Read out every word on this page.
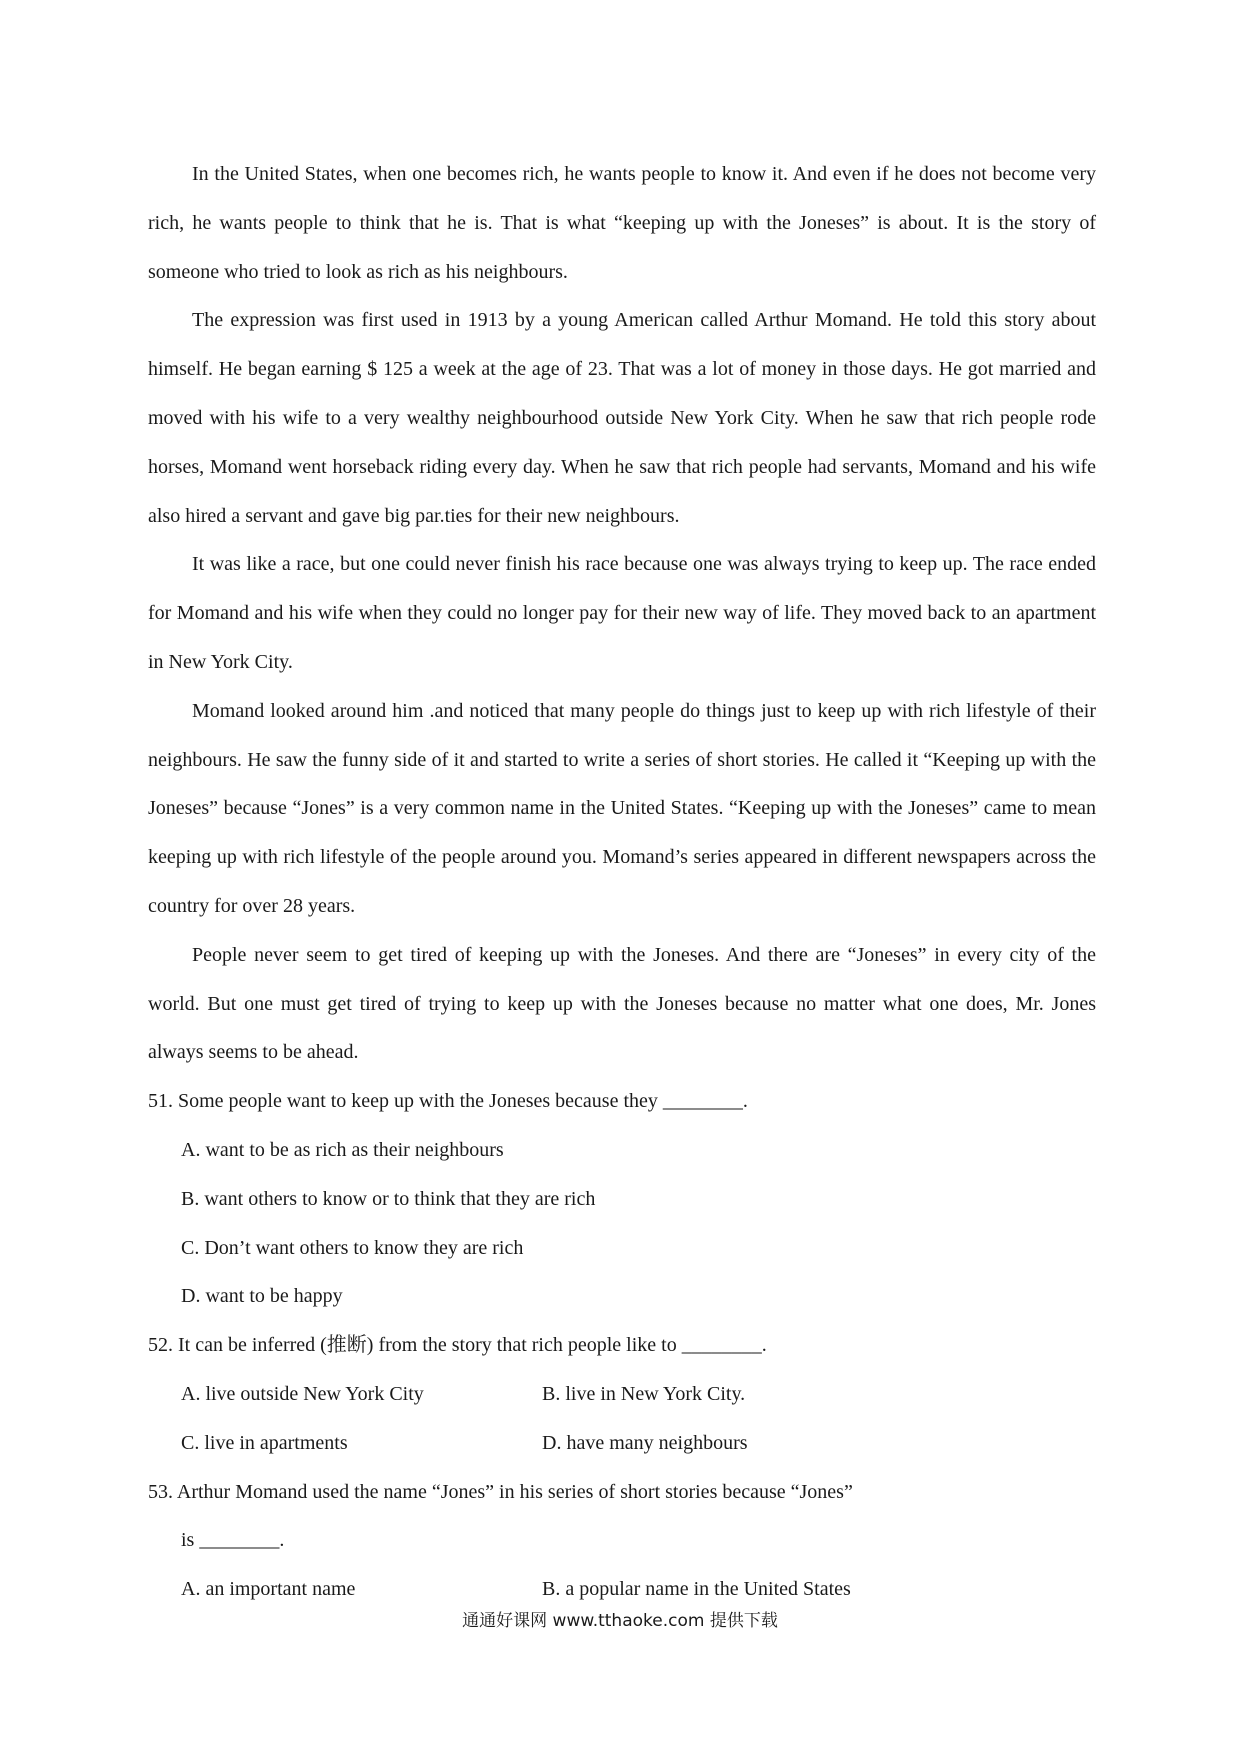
In the United States, when one becomes rich, he wants people to know it. And even if he does not become very rich, he wants people to think that he is. That is what “keeping up with the Joneses” is about. It is the story of someone who tried to look as rich as his neighbours.

The expression was first used in 1913 by a young American called Arthur Momand. He told this story about himself. He began earning $ 125 a week at the age of 23. That was a lot of money in those days. He got married and moved with his wife to a very wealthy neighbourhood outside New York City. When he saw that rich people rode horses, Momand went horseback riding every day. When he saw that rich people had servants, Momand and his wife also hired a servant and gave big par.ties for their new neighbours.

It was like a race, but one could never finish his race because one was always trying to keep up. The race ended for Momand and his wife when they could no longer pay for their new way of life. They moved back to an apartment in New York City.

Momand looked around him .and noticed that many people do things just to keep up with rich lifestyle of their neighbours. He saw the funny side of it and started to write a series of short stories. He called it “Keeping up with the Joneses” because “Jones” is a very common name in the United States. “Keeping up with the Joneses” came to mean keeping up with rich lifestyle of the people around you. Momand’s series appeared in different newspapers across the country for over 28 years.

People never seem to get tired of keeping up with the Joneses. And there are “Joneses” in every city of the world. But one must get tired of trying to keep up with the Joneses because no matter what one does, Mr. Jones always seems to be ahead.

51. Some people want to keep up with the Joneses because they ________.

A. want to be as rich as their neighbours

B. want others to know or to think that they are rich

C. Don’t want others to know they are rich

D. want to be happy

52. It can be inferred (推断) from the story that rich people like to ________.

A. live outside New York City	B. live in New York City.

C. live in apartments	D. have many neighbours

53. Arthur Momand used the name “Jones” in his series of short stories because “Jones”

is ________.

A. an important name	B. a popular name in the United States

通通好课网 www.tthaoke.com 提供下载
